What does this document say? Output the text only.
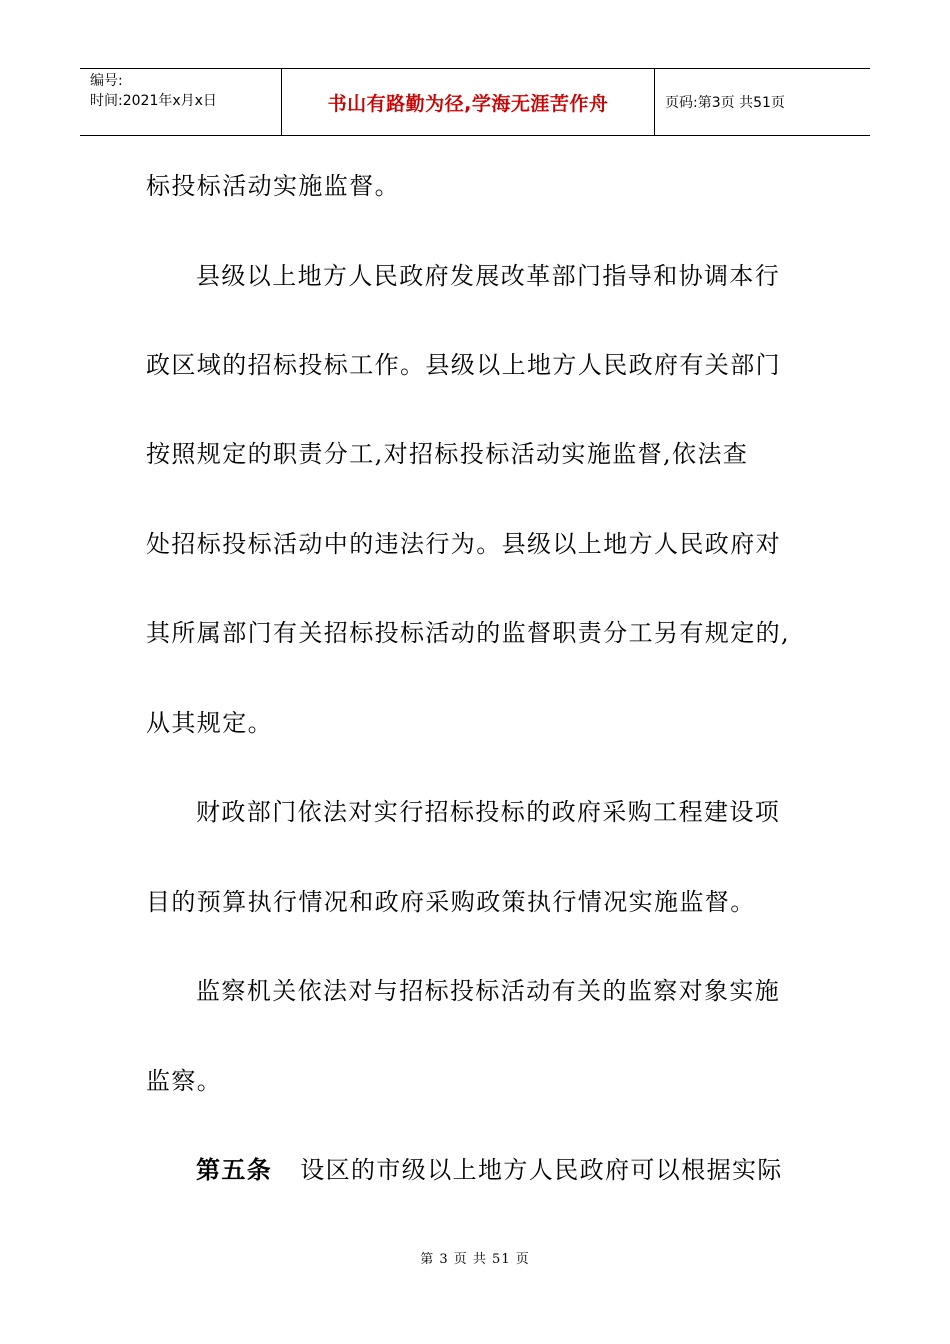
编号:
时间:2021年x月x日	书山有路勤为径,学海无涯苦作舟	页码:第3页 共51页
标投标活动实施监督。
县级以上地方人民政府发展改革部门指导和协调本行
政区域的招标投标工作。县级以上地方人民政府有关部门
按照规定的职责分工,对招标投标活动实施监督,依法查
处招标投标活动中的违法行为。县级以上地方人民政府对
其所属部门有关招标投标活动的监督职责分工另有规定的,
从其规定。
财政部门依法对实行招标投标的政府采购工程建设项
目的预算执行情况和政府采购政策执行情况实施监督。
监察机关依法对与招标投标活动有关的监察对象实施
监察。
第五条 设区的市级以上地方人民政府可以根据实际
第 3 页 共 51 页
